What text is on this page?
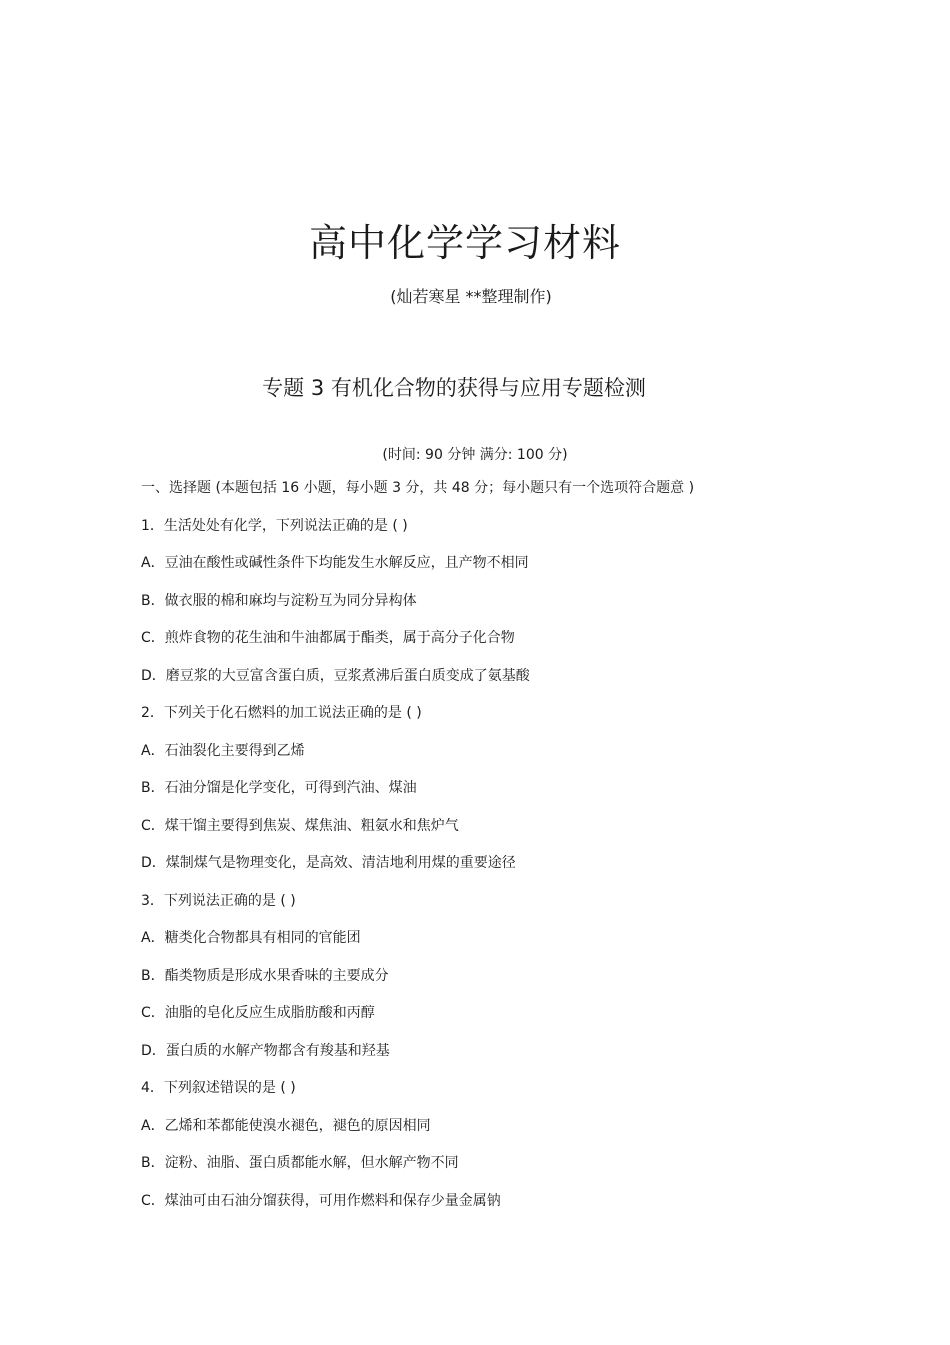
高中化学学习材料
(灿若寒星 **整理制作)
专题 3 有机化合物的获得与应用专题检测
(时间: 90 分钟 满分: 100 分)
一、选择题 (本题包括 16 小题，每小题 3 分，共 48 分；每小题只有一个选项符合题意 )
1．生活处处有化学，下列说法正确的是 ( )
A．豆油在酸性或碱性条件下均能发生水解反应，且产物不相同
B．做衣服的棉和麻均与淀粉互为同分异构体
C．煎炸食物的花生油和牛油都属于酯类，属于高分子化合物
D．磨豆浆的大豆富含蛋白质，豆浆煮沸后蛋白质变成了氨基酸
2．下列关于化石燃料的加工说法正确的是 ( )
A．石油裂化主要得到乙烯
B．石油分馏是化学变化，可得到汽油、煤油
C．煤干馏主要得到焦炭、煤焦油、粗氨水和焦炉气
D．煤制煤气是物理变化，是高效、清洁地利用煤的重要途径
3．下列说法正确的是 ( )
A．糖类化合物都具有相同的官能团
B．酯类物质是形成水果香味的主要成分
C．油脂的皂化反应生成脂肪酸和丙醇
D．蛋白质的水解产物都含有羧基和羟基
4．下列叙述错误的是 ( )
A．乙烯和苯都能使溴水褪色，褪色的原因相同
B．淀粉、油脂、蛋白质都能水解，但水解产物不同
C．煤油可由石油分馏获得，可用作燃料和保存少量金属钠
